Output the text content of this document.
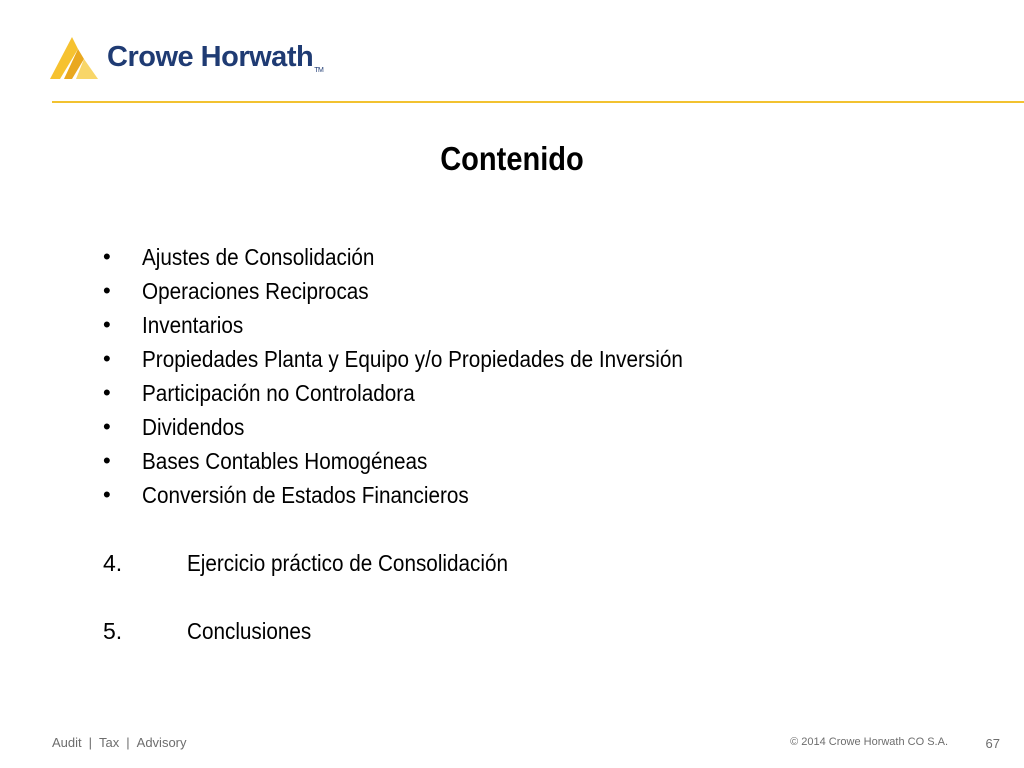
Crowe HorwathTM
Contenido
•	Ajustes de Consolidación
•	Operaciones Reciprocas
•	Inventarios
•	Propiedades Planta y Equipo y/o Propiedades de Inversión
•	Participación no Controladora
•	Dividendos
•	Bases Contables Homogéneas
•	Conversión de Estados Financieros
4.	Ejercicio práctico de Consolidación
5.	Conclusiones
Audit | Tax | Advisory	© 2014 Crowe Horwath CO S.A.	67
